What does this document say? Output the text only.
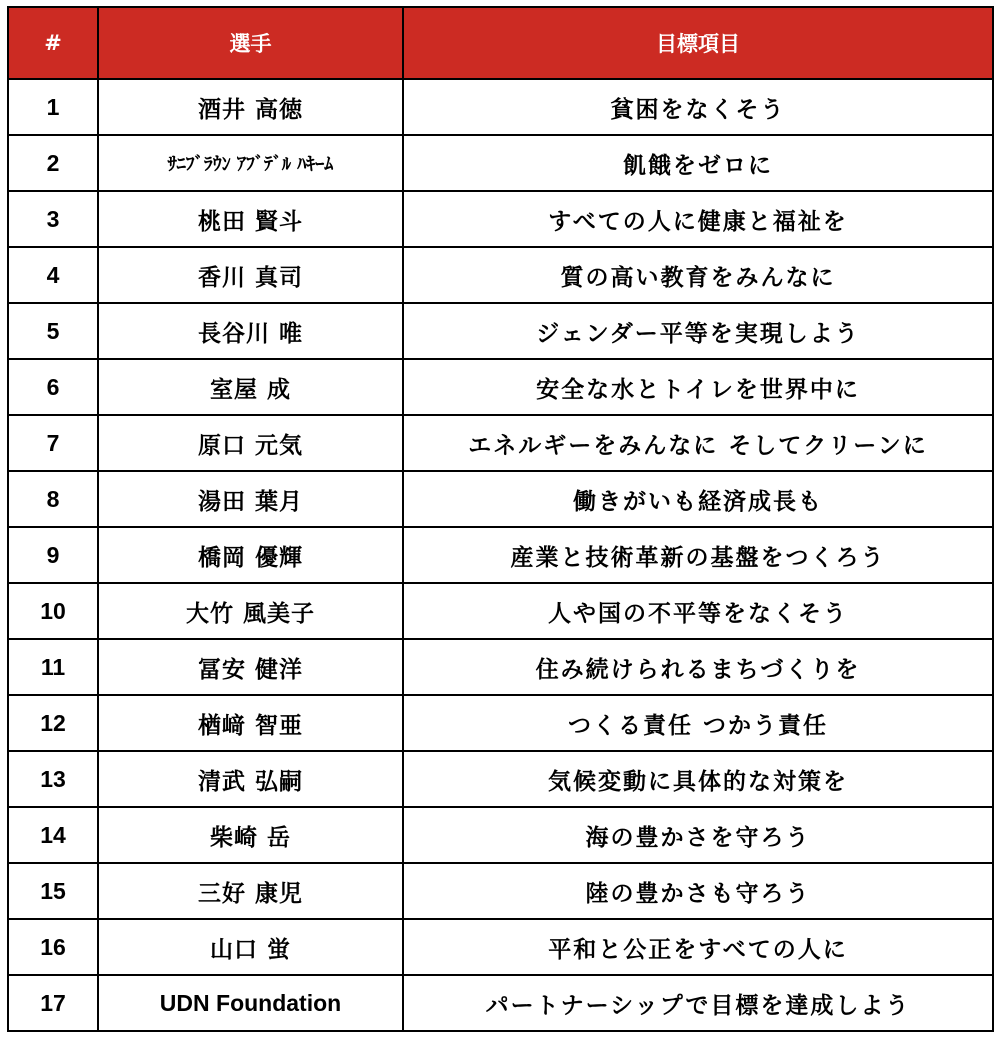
#	選手	目標項目
1	酒井 高徳	貧困をなくそう
2	ｻﾆﾌﾞﾗｳﾝ ｱﾌﾞﾃﾞﾙ ﾊｷｰﾑ	飢餓をゼロに
3	桃田 賢斗	すべての人に健康と福祉を
4	香川 真司	質の高い教育をみんなに
5	長谷川 唯	ジェンダー平等を実現しよう
6	室屋 成	安全な水とトイレを世界中に
7	原口 元気	エネルギーをみんなに そしてクリーンに
8	湯田 葉月	働きがいも経済成長も
9	橋岡 優輝	産業と技術革新の基盤をつくろう
10	大竹 風美子	人や国の不平等をなくそう
11	冨安 健洋	住み続けられるまちづくりを
12	楢﨑 智亜	つくる責任 つかう責任
13	清武 弘嗣	気候変動に具体的な対策を
14	柴崎 岳	海の豊かさを守ろう
15	三好 康児	陸の豊かさも守ろう
16	山口 蛍	平和と公正をすべての人に
17	UDN Foundation	パートナーシップで目標を達成しよう
